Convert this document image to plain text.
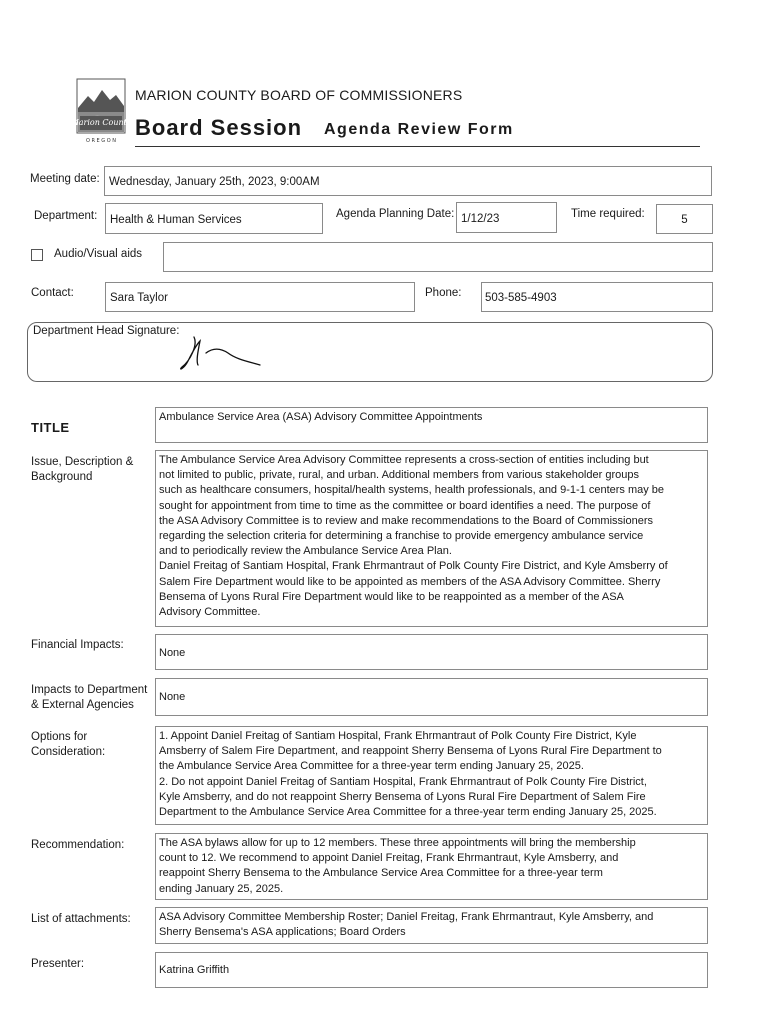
Marion County
O R E G O N
MARION COUNTY BOARD OF COMMISSIONERS
Board Session Agenda Review Form
Meeting date: Wednesday, January 25th, 2023, 9:00AM
Department:	Health & Human Services	Agenda Planning Date: 1/12/23	Time required:	5
Audio/Visual aids
Contact:	Sara Taylor	Phone: 503-585-4903
Department Head Signature:
TITLE
Ambulance Service Area (ASA) Advisory Committee Appointments
Issue, Description &
Background
The Ambulance Service Area Advisory Committee represents a cross-section of entities including but
not limited to public, private, rural, and urban. Additional members from various stakeholder groups
such as healthcare consumers, hospital/health systems, health professionals, and 9-1-1 centers may be
sought for appointment from time to time as the committee or board identifies a need. The purpose of
the ASA Advisory Committee is to review and make recommendations to the Board of Commissioners
regarding the selection criteria for determining a franchise to provide emergency ambulance service
and to periodically review the Ambulance Service Area Plan.
Daniel Freitag of Santiam Hospital, Frank Ehrmantraut of Polk County Fire District, and Kyle Amsberry of
Salem Fire Department would like to be appointed as members of the ASA Advisory Committee. Sherry
Bensema of Lyons Rural Fire Department would like to be reappointed as a member of the ASA
Advisory Committee.
Financial Impacts:
None
Impacts to Department
& External Agencies
None
Options for
Consideration:
1. Appoint Daniel Freitag of Santiam Hospital, Frank Ehrmantraut of Polk County Fire District, Kyle
Amsberry of Salem Fire Department, and reappoint Sherry Bensema of Lyons Rural Fire Department to
the Ambulance Service Area Committee for a three-year term ending January 25, 2025.
2. Do not appoint Daniel Freitag of Santiam Hospital, Frank Ehrmantraut of Polk County Fire District,
Kyle Amsberry, and do not reappoint Sherry Bensema of Lyons Rural Fire Department of Salem Fire
Department to the Ambulance Service Area Committee for a three-year term ending January 25, 2025.
Recommendation:	The ASA bylaws allow for up to 12 members. These three appointments will bring the membership
count to 12. We recommend to appoint Daniel Freitag, Frank Ehrmantraut, Kyle Amsberry, and
reappoint Sherry Bensema to the Ambulance Service Area Committee for a three-year term
ending January 25, 2025.
List of attachments:	ASA Advisory Committee Membership Roster; Daniel Freitag, Frank Ehrmantraut, Kyle Amsberry, and
Sherry Bensema's ASA applications; Board Orders
Presenter:	Katrina Griffith
